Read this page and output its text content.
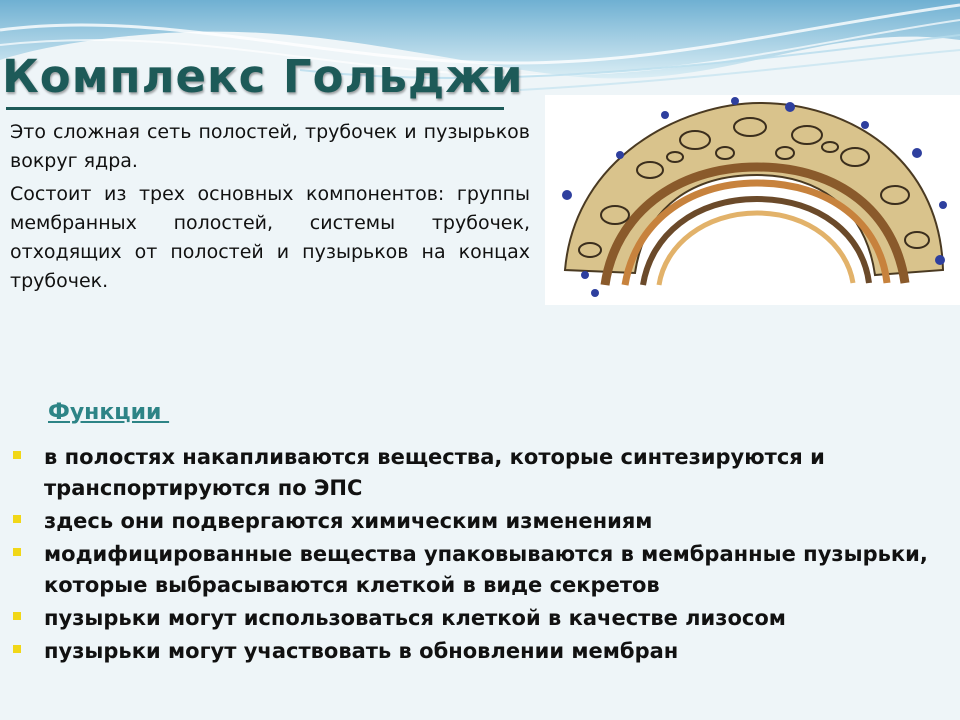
Комплекс Гольджи

Это сложная сеть полостей, трубочек и пузырьков вокруг ядра.

Состоит из трех основных компонентов: группы мембранных полостей, системы трубочек, отходящих от полостей и пузырьков на концах трубочек.

Функции

в полостях накапливаются вещества, которые синтезируются и транспортируются по ЭПС
здесь они подвергаются химическим изменениям
модифицированные вещества упаковываются в мембранные пузырьки, которые выбрасываются клеткой в виде секретов
пузырьки могут использоваться клеткой в качестве лизосом
пузырьки могут участвовать в обновлении мембран
